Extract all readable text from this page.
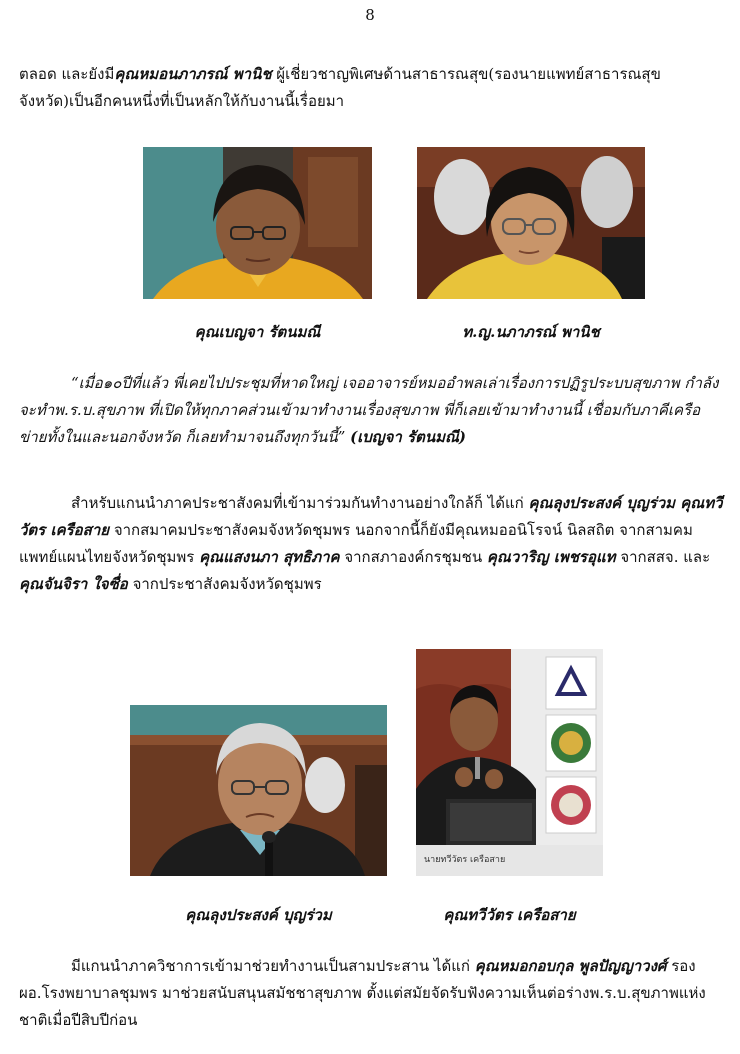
8

ตลอด และยังมีคุณหมอนภาภรณ์ พานิช ผู้เชี่ยวชาญพิเศษด้านสาธารณสุข(รองนายแพทย์สาธารณสุขจังหวัด)เป็นอีกคนหนึ่งที่เป็นหลักให้กับงานนี้เรื่อยมา

คุณเบญจา รัตนมณี	ท.ญ.นภาภรณ์ พานิช

“เมื่อ๑๐ปีที่แล้ว พี่เคยไปประชุมที่หาดใหญ่ เจออาจารย์หมออำพลเล่าเรื่องการปฏิรูประบบสุขภาพ กำลังจะทำพ.ร.บ.สุขภาพ ที่เปิดให้ทุกภาคส่วนเข้ามาทำงานเรื่องสุขภาพ พี่ก็เลยเข้ามาทำงานนี้ เชื่อมกับภาคีเครือข่ายทั้งในและนอกจังหวัด ก็เลยทำมาจนถึงทุกวันนี้” (เบญจา รัตนมณี)

สำหรับแกนนำภาคประชาสังคมที่เข้ามาร่วมกันทำงานอย่างใกล้ก็ ได้แก่ คุณลุงประสงค์ บุญร่วม คุณทวีวัตร เครือสาย จากสมาคมประชาสังคมจังหวัดชุมพร นอกจากนี้ก็ยังมีคุณหมออนิโรจน์ นิลสถิต จากสามคมแพทย์แผนไทยจังหวัดชุมพร คุณแสงนภา สุทธิภาค จากสภาองค์กรชุมชน คุณวาริญ เพชรอุแท จากสสจ. และ คุณจันจิรา ใจซื่อ จากประชาสังคมจังหวัดชุมพร

นายทวีวัตร เครือสาย
คุณลุงประสงค์ บุญร่วม	คุณทวีวัตร เครือสาย

มีแกนนำภาควิชาการเข้ามาช่วยทำงานเป็นสามประสาน ได้แก่ คุณหมอกอบกุล พูลปัญญาวงศ์ รองผอ.โรงพยาบาลชุมพร มาช่วยสนับสนุนสมัชชาสุขภาพ ตั้งแต่สมัยจัดรับฟังความเห็นต่อร่างพ.ร.บ.สุขภาพแห่งชาติเมื่อปีสิบปีก่อน
